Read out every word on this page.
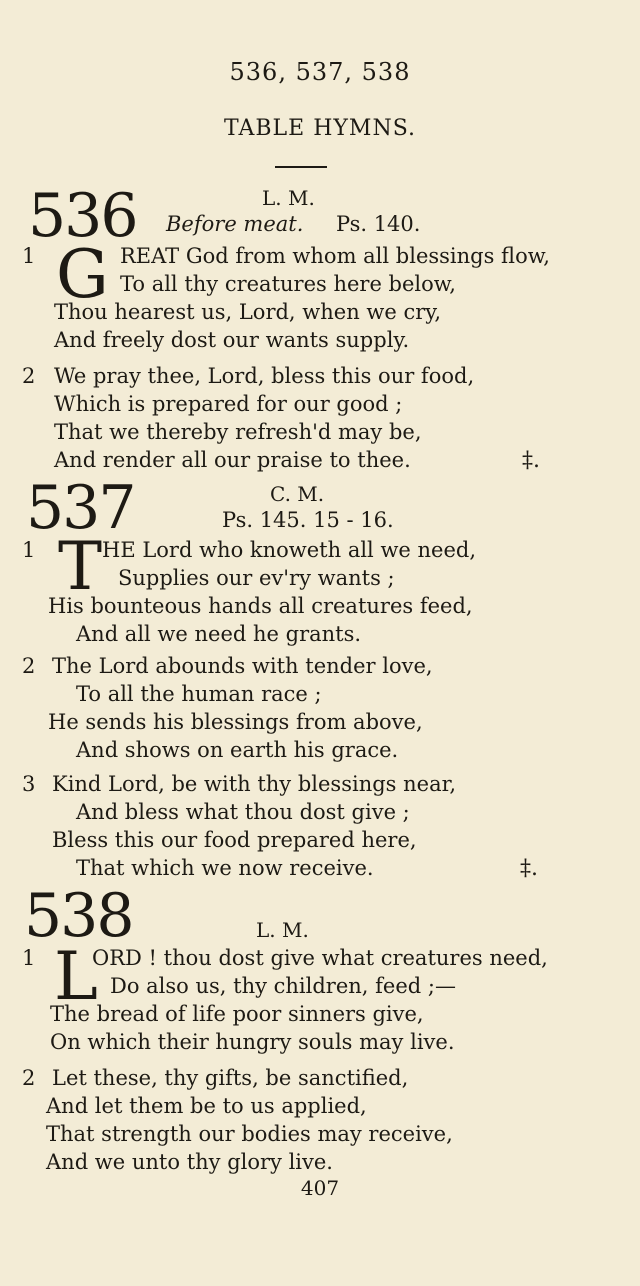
536, 537, 538
TABLE HYMNS.
536	L. M.
Before meat. Ps. 140.
1 G REAT God from whom all blessings flow,
To all thy creatures here below,
Thou hearest us, Lord, when we cry,
And freely dost our wants supply.
2 We pray thee, Lord, bless this our food,
Which is prepared for our good ;
That we thereby refresh'd may be,
And render all our praise to thee.	‡.
537	C. M.
Ps. 145. 15 - 16.
1 T HE Lord who knoweth all we need,
Supplies our ev'ry wants ;
His bounteous hands all creatures feed,
And all we need he grants.
2 The Lord abounds with tender love,
To all the human race ;
He sends his blessings from above,
And shows on earth his grace.
3 Kind Lord, be with thy blessings near,
And bless what thou dost give ;
Bless this our food prepared here,
That which we now receive.	‡.
538	L. M.
1 L
ORD ! thou dost give what creatures need,
Do also us, thy children, feed ;—
The bread of life poor sinners give,
On which their hungry souls may live.
2 Let these, thy gifts, be sanctified,
And let them be to us applied,
That strength our bodies may receive,
And we unto thy glory live.
407
